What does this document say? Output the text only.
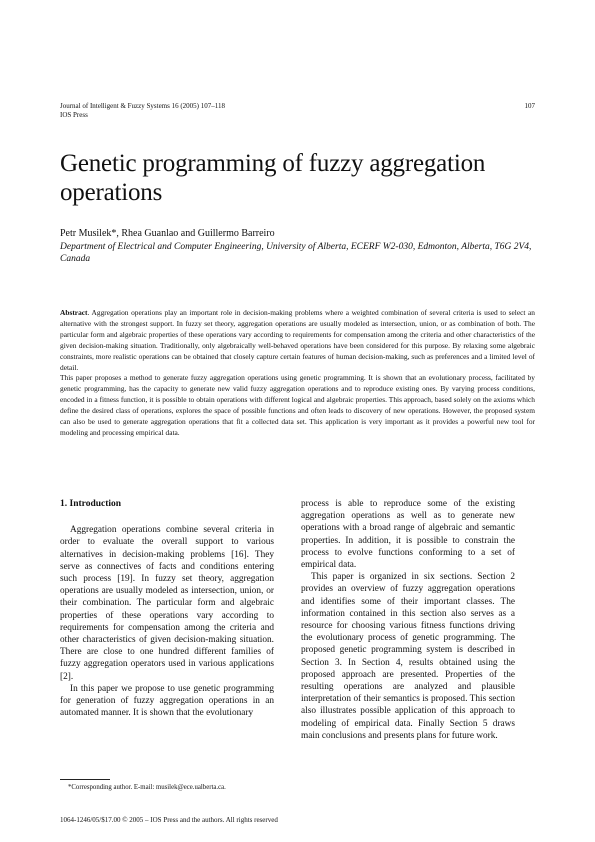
Journal of Intelligent & Fuzzy Systems 16 (2005) 107–118
IOS Press
107
Genetic programming of fuzzy aggregation operations
Petr Musilek*, Rhea Guanlao and Guillermo Barreiro
Department of Electrical and Computer Engineering, University of Alberta, ECERF W2-030, Edmonton, Alberta, T6G 2V4, Canada

Abstract. Aggregation operations play an important role in decision-making problems where a weighted combination of several criteria is used to select an alternative with the strongest support. In fuzzy set theory, aggregation operations are usually modeled as intersection, union, or as combination of both. The particular form and algebraic properties of these operations vary according to requirements for compensation among the criteria and other characteristics of the given decision-making situation. Traditionally, only algebraically well-behaved operations have been considered for this purpose. By relaxing some algebraic constraints, more realistic operations can be obtained that closely capture certain features of human decision-making, such as preferences and a limited level of detail.

This paper proposes a method to generate fuzzy aggregation operations using genetic programming. It is shown that an evolutionary process, facilitated by genetic programming, has the capacity to generate new valid fuzzy aggregation operations and to reproduce existing ones. By varying process conditions, encoded in a fitness function, it is possible to obtain operations with different logical and algebraic properties. This approach, based solely on the axioms which define the desired class of operations, explores the space of possible functions and often leads to discovery of new operations. However, the proposed system can also be used to generate aggregation operations that fit a collected data set. This application is very important as it provides a powerful new tool for modeling and processing empirical data.

1. Introduction

Aggregation operations combine several criteria in order to evaluate the overall support to various alternatives in decision-making problems [16]. They serve as connectives of facts and conditions entering such process [19]. In fuzzy set theory, aggregation operations are usually modeled as intersection, union, or their combination. The particular form and algebraic properties of these operations vary according to requirements for compensation among the criteria and other characteristics of given decision-making situation. There are close to one hundred different families of fuzzy aggregation operators used in various applications [2].

In this paper we propose to use genetic programming for generation of fuzzy aggregation operations in an automated manner. It is shown that the evolutionary

*Corresponding author. E-mail: musilek@ece.ualberta.ca.

process is able to reproduce some of the existing aggregation operations as well as to generate new operations with a broad range of algebraic and semantic properties. In addition, it is possible to constrain the process to evolve functions conforming to a set of empirical data.

This paper is organized in six sections. Section 2 provides an overview of fuzzy aggregation operations and identifies some of their important classes. The information contained in this section also serves as a resource for choosing various fitness functions driving the evolutionary process of genetic programming. The proposed genetic programming system is described in Section 3. In Section 4, results obtained using the proposed approach are presented. Properties of the resulting operations are analyzed and plausible interpretation of their semantics is proposed. This section also illustrates possible application of this approach to modeling of empirical data. Finally Section 5 draws main conclusions and presents plans for future work.

1064-1246/05/$17.00 © 2005 – IOS Press and the authors. All rights reserved
